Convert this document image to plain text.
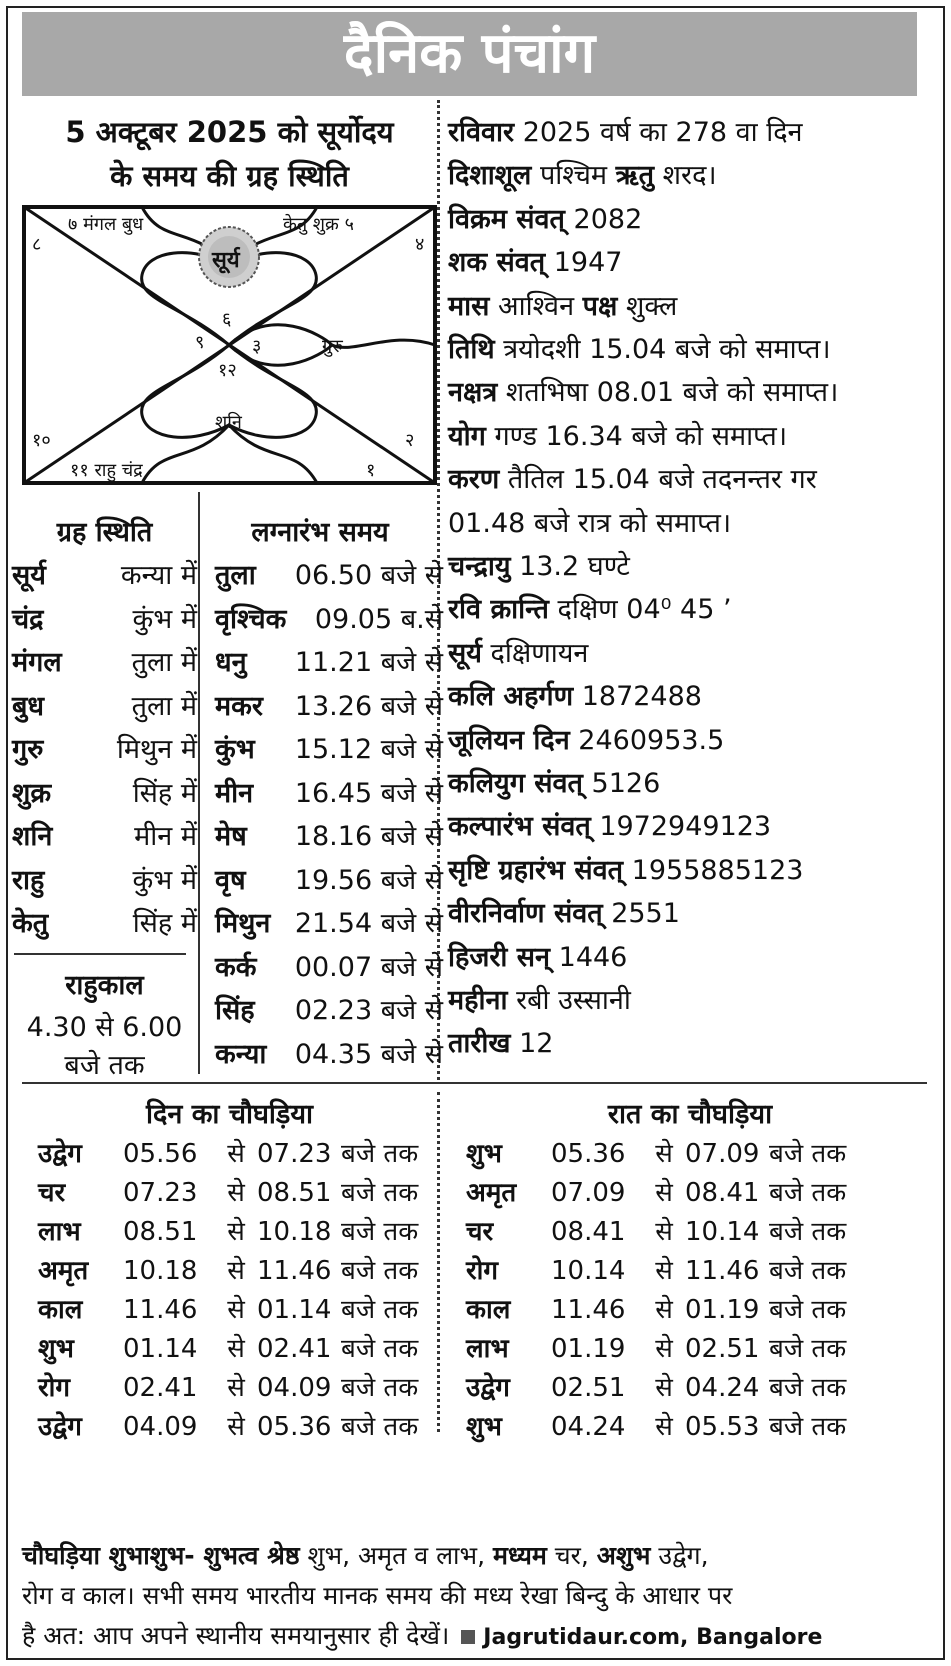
दैनिक पंचांग
5 अक्टूबर 2025 को सूर्योदय
के समय की ग्रह स्थिति
७ मंगल बुध	केतु शुक्र ५
८	४
सूर्य
६
९	३	गुरु
१२
शनि
१०	२
११ राहु चंद्र	१
रविवार 2025 वर्ष का 278 वा दिन
दिशाशूल पश्चिम ऋतु शरद।
विक्रम संवत् 2082
शक संवत् 1947
मास आश्विन पक्ष शुक्ल
तिथि त्रयोदशी 15.04 बजे को समाप्त।
नक्षत्र शतभिषा 08.01 बजे को समाप्त।
योग गण्ड 16.34 बजे को समाप्त।
करण तैतिल 15.04 बजे तदनन्तर गर
01.48 बजे रात्र को समाप्त।
चन्द्रायु 13.2 घण्टे
रवि क्रान्ति दक्षिण 04⁰ 45 ’
सूर्य दक्षिणायन
कलि अहर्गण 1872488
जूलियन दिन 2460953.5
कलियुग संवत् 5126
कल्पारंभ संवत् 1972949123
सृष्टि ग्रहारंभ संवत् 1955885123
वीरनिर्वाण संवत् 2551
हिजरी सन् 1446
महीना रबी उस्सानी
तारीख 12
ग्रह स्थिति
सूर्य	कन्या में
चंद्र	कुंभ में
मंगल	तुला में
बुध	तुला में
गुरु	मिथुन में
शुक्र	सिंह में
शनि	मीन में
राहु	कुंभ में
केतु	सिंह में
राहुकाल
4.30 से 6.00
बजे तक
लग्नारंभ समय
तुला 06.50 बजे से
वृश्चिक 09.05 ब.से
धनु 11.21 बजे से
मकर 13.26 बजे से
कुंभ 15.12 बजे से
मीन 16.45 बजे से
मेष 18.16 बजे से
वृष 19.56 बजे से
मिथुन 21.54 बजे से
कर्क 00.07 बजे से
सिंह 02.23 बजे से
कन्या 04.35 बजे से
दिन का चौघड़िया	रात का चौघड़िया
उद्वेग 05.56 से 07.23 बजे तक
चर 07.23 से 08.51 बजे तक
लाभ 08.51 से 10.18 बजे तक
अमृत 10.18 से 11.46 बजे तक
काल 11.46 से 01.14 बजे तक
शुभ 01.14 से 02.41 बजे तक
रोग 02.41 से 04.09 बजे तक
उद्वेग 04.09 से 05.36 बजे तक
शुभ 05.36 से 07.09 बजे तक
अमृत 07.09 से 08.41 बजे तक
चर 08.41 से 10.14 बजे तक
रोग 10.14 से 11.46 बजे तक
काल 11.46 से 01.19 बजे तक
लाभ 01.19 से 02.51 बजे तक
उद्वेग 02.51 से 04.24 बजे तक
शुभ 04.24 से 05.53 बजे तक
चौघड़िया शुभाशुभ- शुभत्व श्रेष्ठ शुभ, अमृत व लाभ, मध्यम चर, अशुभ उद्वेग,
रोग व काल। सभी समय भारतीय मानक समय की मध्य रेखा बिन्दु के आधार पर
है अत: आप अपने स्थानीय समयानुसार ही देखें। Jagrutidaur.com, Bangalore
